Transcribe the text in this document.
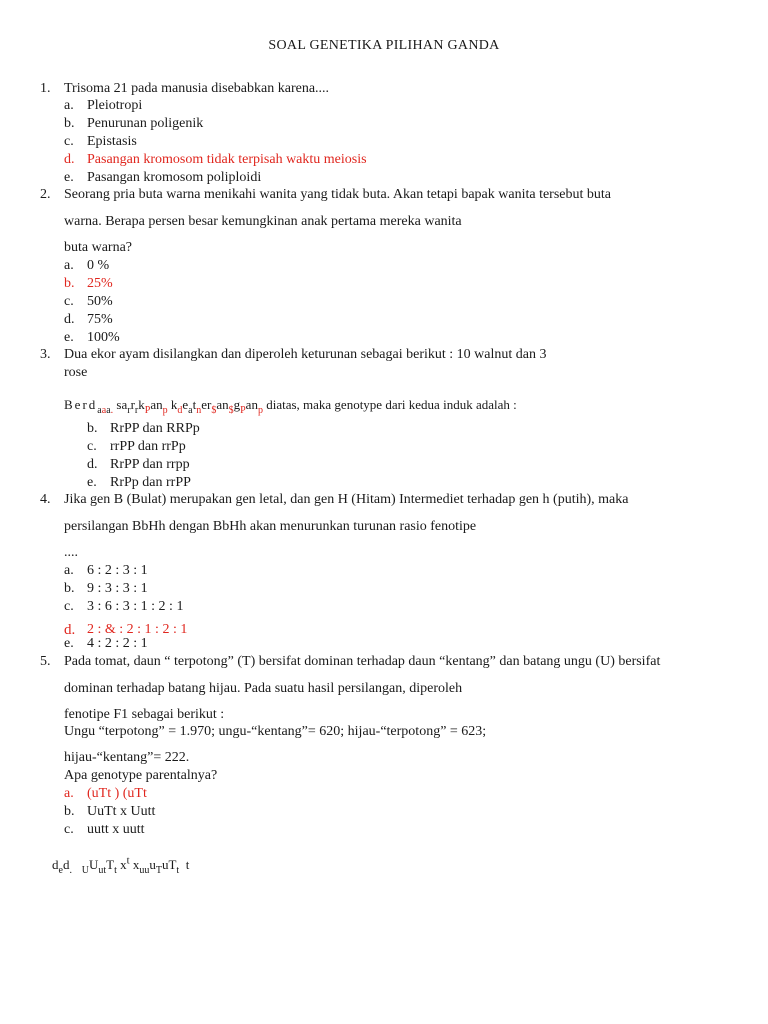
SOAL GENETIKA PILIHAN GANDA
1. Trisoma 21 pada manusia disebabkan karena....
a. Pleiotropi
b. Penurunan poligenik
c. Epistasis
d. Pasangan kromosom tidak terpisah waktu meiosis
e. Pasangan kromosom poliploidi
2. Seorang pria buta warna menikahi wanita yang tidak buta. Akan tetapi bapak wanita tersebut buta
warna. Berapa persen besar kemungkinan anak pertama mereka wanita
buta warna?
a. 0 %
b. 25%
c. 50%
d. 75%
e. 100%
3. Dua ekor ayam disilangkan dan diperoleh keturunan sebagai berikut : 10 walnut dan 3
rose
Berd$_{aaa.}$ $sa_rr_rk_Pan_p$ $k_de_at_ner_{\$}an_{\$}g_Pan_p$ diatas, maka genotype dari kedua induk adalah :
b. RrPP dan RRPp
c. rrPP dan rrPp
d. RrPP dan rrpp
e. RrPp dan rrPP
4. Jika gen B (Bulat) merupakan gen letal, dan gen H (Hitam) Intermediet terhadap gen h (putih), maka
persilangan BbHh dengan BbHh akan menurunkan turunan rasio fenotipe
....
a. 6 : 2 : 3 : 1
b. 9 : 3 : 3 : 1
c. 3 : 6 : 3 : 1 : 2 : 1
d. 2 : & : 2 : 1 : 2 : 1
e. 4 : 2 : 2 : 1
5. Pada tomat, daun “ terpotong” (T) bersifat dominan terhadap daun “kentang” dan batang ungu (U) bersifat
dominan terhadap batang hijau. Pada suatu hasil persilangan, diperoleh
fenotipe F1 sebagai berikut :
Ungu “terpotong” = 1.970; ungu-“kentang”= 620; hijau-“terpotong” = 623;
hijau-“kentang”= 222.
Apa genotype parentalnya?
a. (uTt ) (uTt
b. UuTt x Uutt
c. uutt x uutt
$d_ed_.$ $_UU_{ut}T_t$ $x^t$ $x_{uu}u_TuT_t$  t
